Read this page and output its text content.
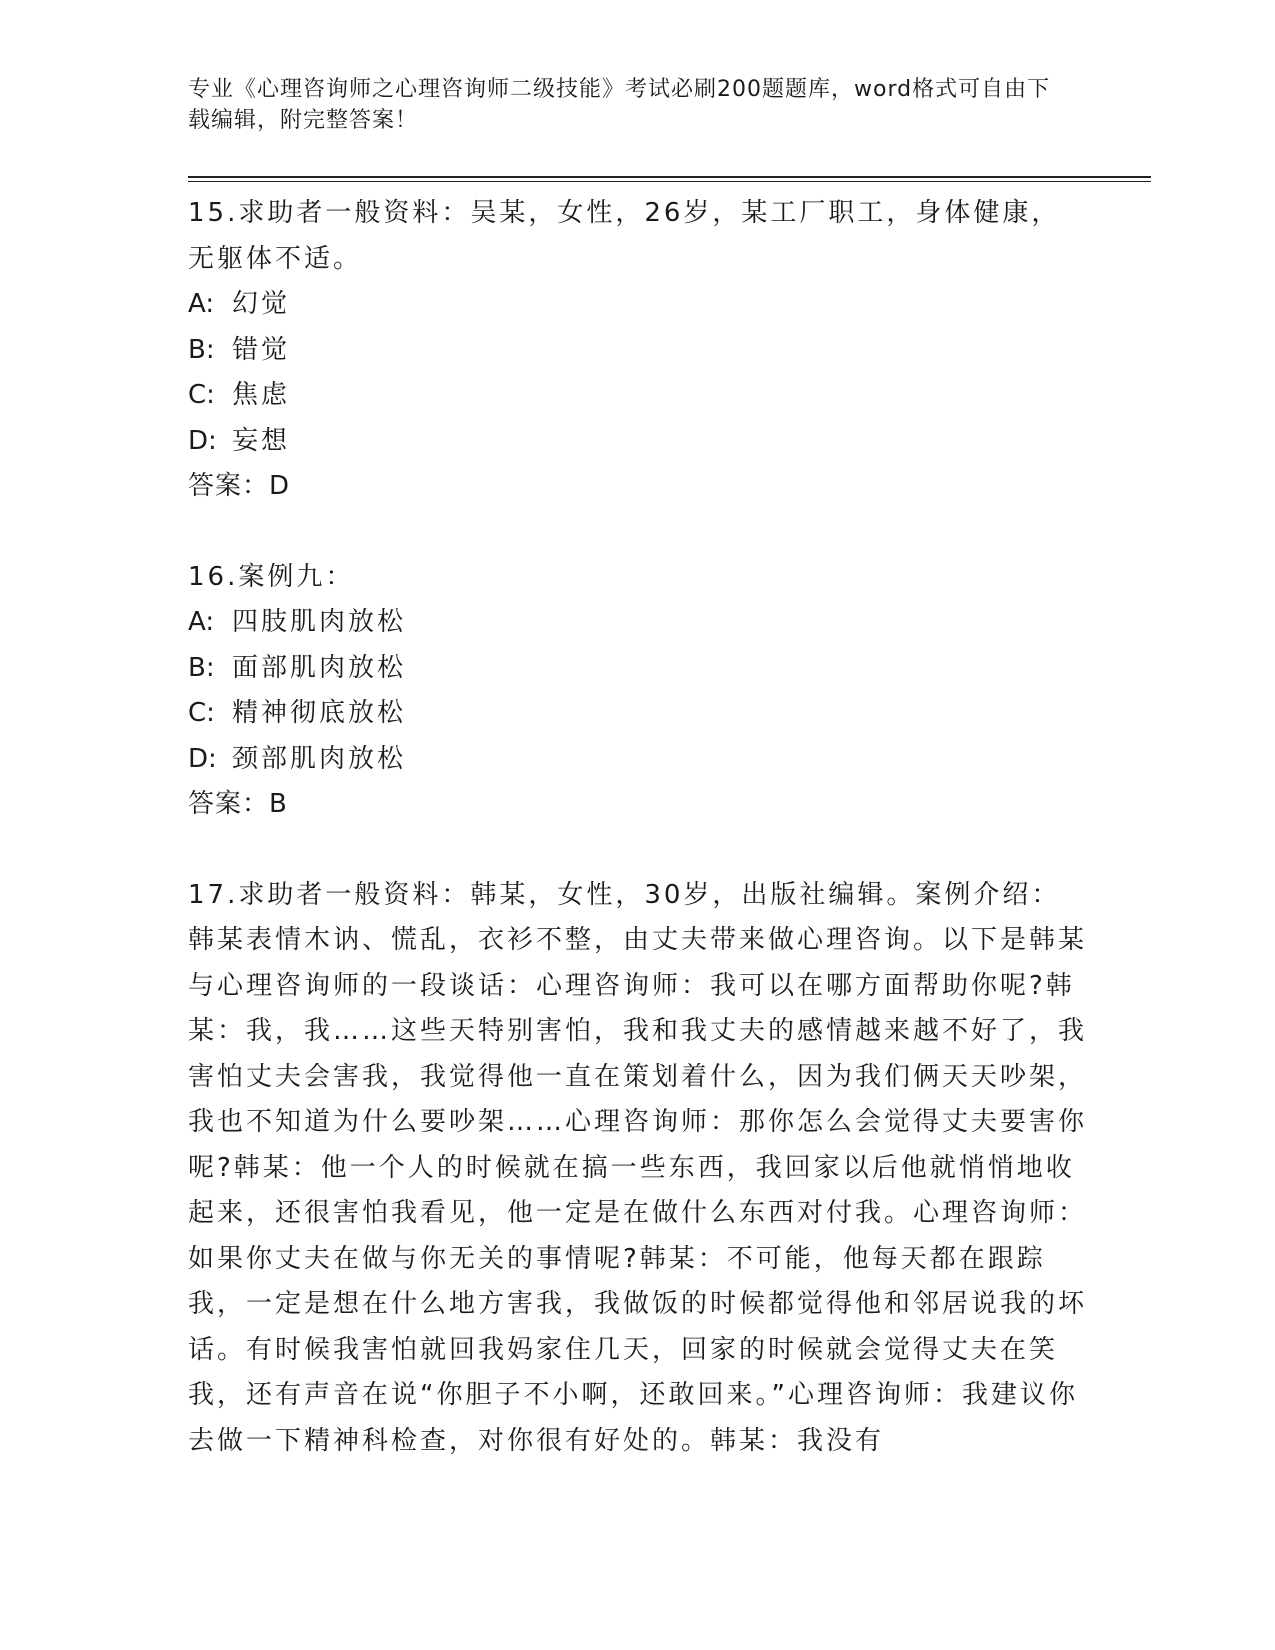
专业《心理咨询师之心理咨询师二级技能》考试必刷200题题库，word格式可自由下载编辑，附完整答案！
15.求助者一般资料：吴某，女性，26岁，某工厂职工，身体健康，无躯体不适。
A: 幻觉
B: 错觉
C: 焦虑
D: 妄想
答案：D
16.案例九：
A: 四肢肌肉放松
B: 面部肌肉放松
C: 精神彻底放松
D: 颈部肌肉放松
答案：B
17.求助者一般资料：韩某，女性，30岁，出版社编辑。案例介绍：韩某表情木讷、慌乱，衣衫不整，由丈夫带来做心理咨询。以下是韩某与心理咨询师的一段谈话：心理咨询师：我可以在哪方面帮助你呢?韩某：我，我……这些天特别害怕，我和我丈夫的感情越来越不好了，我害怕丈夫会害我，我觉得他一直在策划着什么，因为我们俩天天吵架，我也不知道为什么要吵架……心理咨询师：那你怎么会觉得丈夫要害你呢?韩某：他一个人的时候就在搞一些东西，我回家以后他就悄悄地收起来，还很害怕我看见，他一定是在做什么东西对付我。心理咨询师：如果你丈夫在做与你无关的事情呢?韩某：不可能，他每天都在跟踪我，一定是想在什么地方害我，我做饭的时候都觉得他和邻居说我的坏话。有时候我害怕就回我妈家住几天，回家的时候就会觉得丈夫在笑我，还有声音在说“你胆子不小啊，还敢回来。”心理咨询师：我建议你去做一下精神科检查，对你很有好处的。韩某：我没有
